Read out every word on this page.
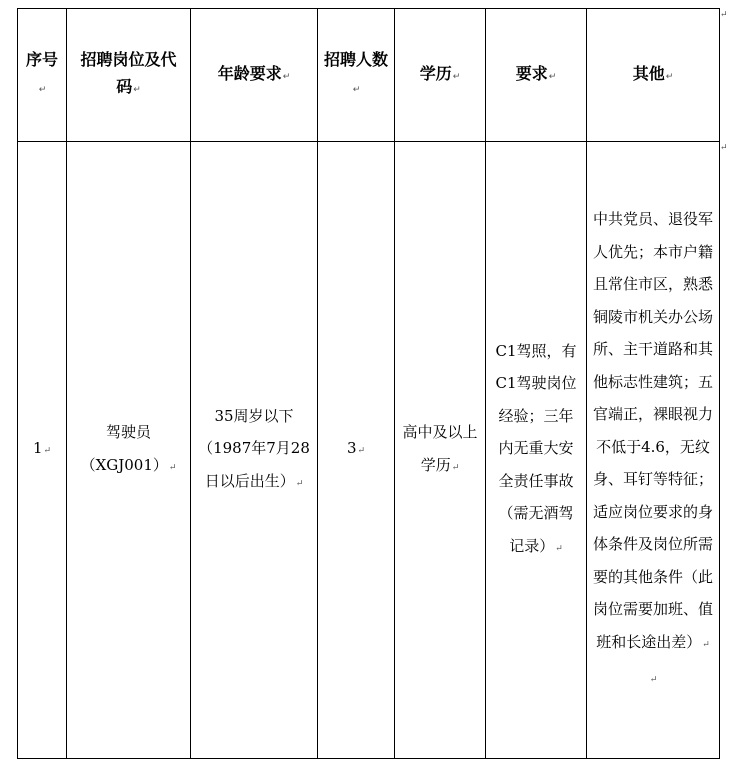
序号↵	招聘岗位及代码↵	年龄要求↵	招聘人数↵	学历↵	要求↵	其他↵
1↵	驾驶员（XGJ001）↵	35周岁以下（1987年7月28日以后出生）↵	3↵	高中及以上学历↵	C1驾照，有C1驾驶岗位经验；三年内无重大安全责任事故（需无酒驾记录）↵	中共党员、退役军人优先；本市户籍且常住市区，熟悉铜陵市机关办公场所、主干道路和其他标志性建筑；五官端正，裸眼视力不低于4.6，无纹身、耳钉等特征；适应岗位要求的身体条件及岗位所需要的其他条件（此岗位需要加班、值班和长途出差）↵
↵
↵
↵
